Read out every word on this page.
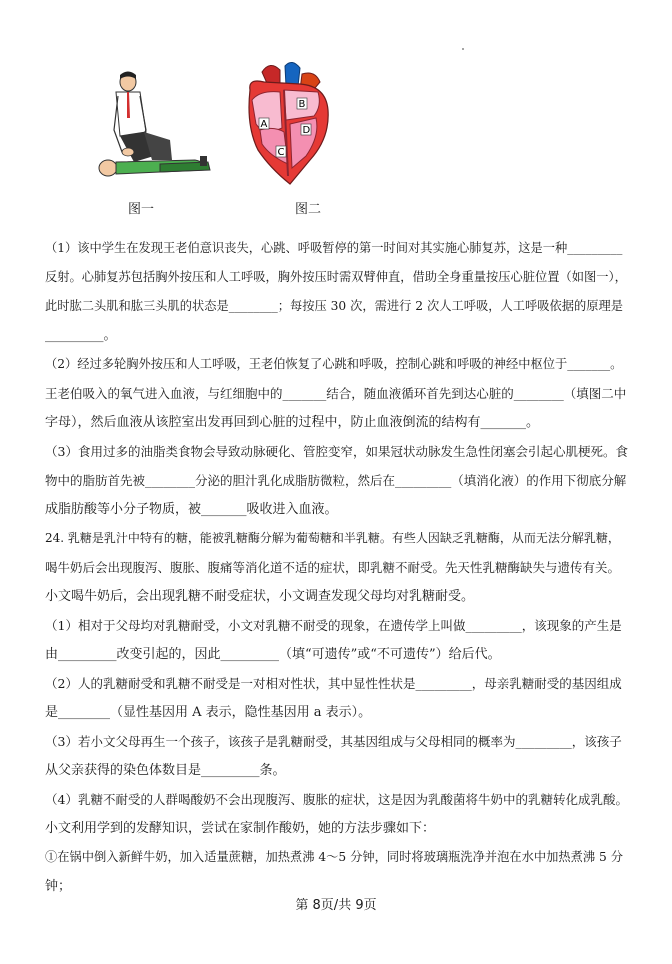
A
B
C
D
图一	图二

（1）该中学生在发现王老伯意识丧失，心跳、呼吸暂停的第一时间对其实施心肺复苏，这是一种_________
反射。心肺复苏包括胸外按压和人工呼吸，胸外按压时需双臂伸直，借助全身重量按压心脏位置（如图一），
此时肱二头肌和肱三头肌的状态是________；每按压 30 次，需进行 2 次人工呼吸，人工呼吸依据的原理是
_________。

（2）经过多轮胸外按压和人工呼吸，王老伯恢复了心跳和呼吸，控制心跳和呼吸的神经中枢位于_______。
王老伯吸入的氧气进入血液，与红细胞中的_______结合，随血液循环首先到达心脏的________（填图二中
字母），然后血液从该腔室出发再回到心脏的过程中，防止血液倒流的结构有_______。

（3）食用过多的油脂类食物会导致动脉硬化、管腔变窄，如果冠状动脉发生急性闭塞会引起心肌梗死。食
物中的脂肪首先被________分泌的胆汁乳化成脂肪微粒，然后在_________（填消化液）的作用下彻底分解
成脂肪酸等小分子物质，被_______吸收进入血液。

24. 乳糖是乳汁中特有的糖，能被乳糖酶分解为葡萄糖和半乳糖。有些人因缺乏乳糖酶，从而无法分解乳糖，
喝牛奶后会出现腹泻、腹胀、腹痛等消化道不适的症状，即乳糖不耐受。先天性乳糖酶缺失与遗传有关。
小文喝牛奶后，会出现乳糖不耐受症状，小文调查发现父母均对乳糖耐受。

（1）相对于父母均对乳糖耐受，小文对乳糖不耐受的现象，在遗传学上叫做_________，该现象的产生是
由_________改变引起的，因此_________（填“可遗传”或“不可遗传”）给后代。

（2）人的乳糖耐受和乳糖不耐受是一对相对性状，其中显性性状是_________，母亲乳糖耐受的基因组成
是________（显性基因用 A 表示，隐性基因用 a 表示）。

（3）若小文父母再生一个孩子，该孩子是乳糖耐受，其基因组成与父母相同的概率为_________，该孩子
从父亲获得的染色体数目是_________条。

（4）乳糖不耐受的人群喝酸奶不会出现腹泻、腹胀的症状，这是因为乳酸菌将牛奶中的乳糖转化成乳酸。
小文利用学到的发酵知识，尝试在家制作酸奶，她的方法步骤如下：

①在锅中倒入新鲜牛奶，加入适量蔗糖，加热煮沸 4～5 分钟，同时将玻璃瓶洗净并泡在水中加热煮沸 5 分
钟；

第 8页/共 9页
